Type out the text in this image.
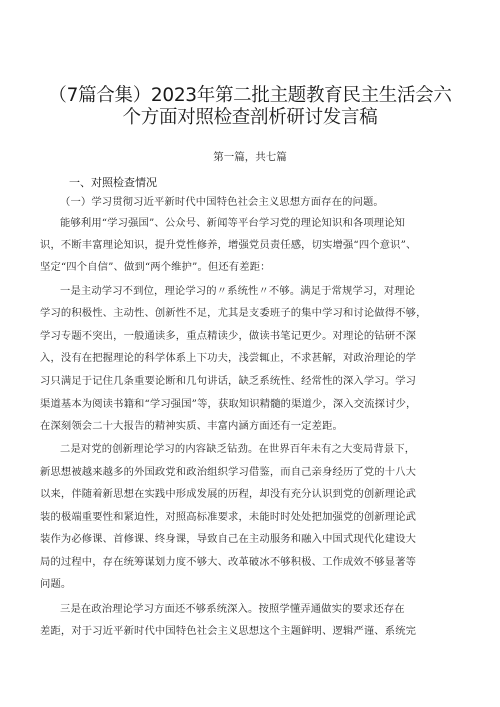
（7篇合集）2023年第二批主题教育民主生活会六
个方面对照检查剖析研讨发言稿
第一篇，共七篇
一、对照检查情况
（一）学习贯彻习近平新时代中国特色社会主义思想方面存在的问题。
能够利用“学习强国”、公众号、新闻等平台学习党的理论知识和各项理论知
识，不断丰富理论知识，提升党性修养，增强党员责任感，切实增强“四个意识”、
坚定“四个自信”、做到“两个维护”。但还有差距：
一是主动学习不到位，理论学习的〃系统性〃不够。满足于常规学习，对理论
学习的积极性、主动性、创新性不足，尤其是支委班子的集中学习和讨论做得不够，
学习专题不突出，一般通读多，重点精读少，做读书笔记更少。对理论的钻研不深
入，没有在把握理论的科学体系上下功夫，浅尝辄止，不求甚解，对政治理论的学
习只满足于记住几条重要论断和几句讲话，缺乏系统性、经常性的深入学习。学习
渠道基本为阅读书籍和“学习强国”等，获取知识精髓的渠道少，深入交流探讨少，
在深刻领会二十大报告的精神实质、丰富内涵方面还有一定差距。
二是对党的创新理论学习的内容缺乏钻劲。在世界百年未有之大变局背景下，
新思想被越来越多的外国政党和政治组织学习借鉴，而自己亲身经历了党的十八大
以来，伴随着新思想在实践中形成发展的历程，却没有充分认识到党的创新理论武
装的极端重要性和紧迫性，对照高标准要求，未能时时处处把加强党的创新理论武
装作为必修课、首修课、终身课，导致自己在主动服务和融入中国式现代化建设大
局的过程中，存在统筹谋划力度不够大、改革破冰不够积极、工作成效不够显著等
问题。
三是在政治理论学习方面还不够系统深入。按照学懂弄通做实的要求还存在
差距，对于习近平新时代中国特色社会主义思想这个主题鲜明、逻辑严谨、系统完
